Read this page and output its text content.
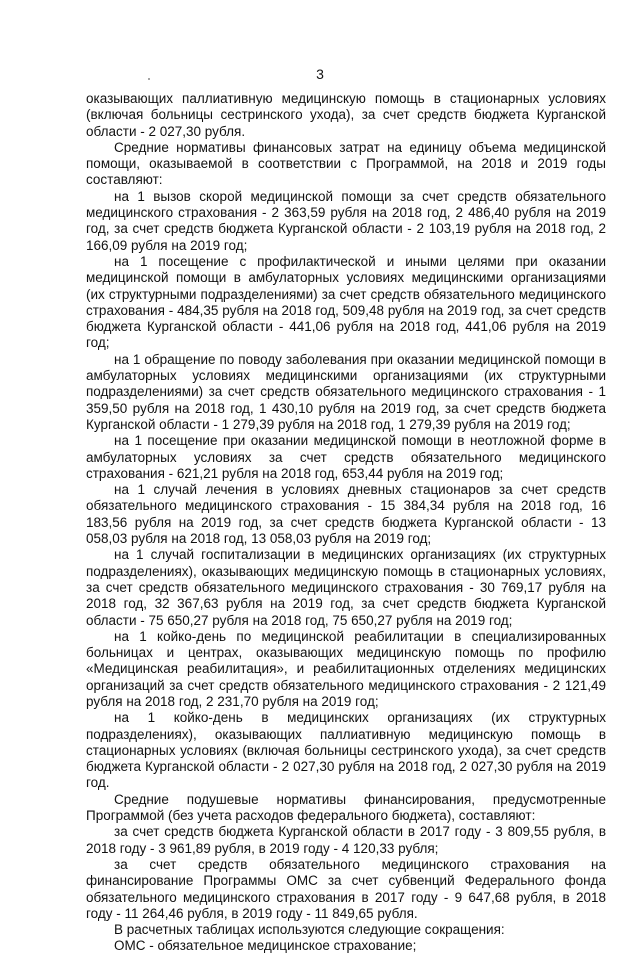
3

оказывающих паллиативную медицинскую помощь в стационарных условиях (включая больницы сестринского ухода), за счет средств бюджета Курганской области - 2 027,30 рубля.

Средние нормативы финансовых затрат на единицу объема медицинской помощи, оказываемой в соответствии с Программой, на 2018 и 2019 годы составляют:

на 1 вызов скорой медицинской помощи за счет средств обязательного медицинского страхования - 2 363,59 рубля на 2018 год, 2 486,40 рубля на 2019 год, за счет средств бюджета Курганской области - 2 103,19 рубля на 2018 год, 2 166,09 рубля на 2019 год;

на 1 посещение с профилактической и иными целями при оказании медицинской помощи в амбулаторных условиях медицинскими организациями (их структурными подразделениями) за счет средств обязательного медицинского страхования - 484,35 рубля на 2018 год, 509,48 рубля на 2019 год, за счет средств бюджета Курганской области - 441,06 рубля на 2018 год, 441,06 рубля на 2019 год;

на 1 обращение по поводу заболевания при оказании медицинской помощи в амбулаторных условиях медицинскими организациями (их структурными подразделениями) за счет средств обязательного медицинского страхования - 1 359,50 рубля на 2018 год, 1 430,10 рубля на 2019 год, за счет средств бюджета Курганской области - 1 279,39 рубля на 2018 год, 1 279,39 рубля на 2019 год;

на 1 посещение при оказании медицинской помощи в неотложной форме в амбулаторных условиях за счет средств обязательного медицинского страхования - 621,21 рубля на 2018 год, 653,44 рубля на 2019 год;

на 1 случай лечения в условиях дневных стационаров за счет средств обязательного медицинского страхования - 15 384,34 рубля на 2018 год, 16 183,56 рубля на 2019 год, за счет средств бюджета Курганской области - 13 058,03 рубля на 2018 год, 13 058,03 рубля на 2019 год;

на 1 случай госпитализации в медицинских организациях (их структурных подразделениях), оказывающих медицинскую помощь в стационарных условиях, за счет средств обязательного медицинского страхования - 30 769,17 рубля на 2018 год, 32 367,63 рубля на 2019 год, за счет средств бюджета Курганской области - 75 650,27 рубля на 2018 год, 75 650,27 рубля на 2019 год;

на 1 койко-день по медицинской реабилитации в специализированных больницах и центрах, оказывающих медицинскую помощь по профилю «Медицинская реабилитация», и реабилитационных отделениях медицинских организаций за счет средств обязательного медицинского страхования - 2 121,49 рубля на 2018 год, 2 231,70 рубля на 2019 год;

на 1 койко-день в медицинских организациях (их структурных подразделениях), оказывающих паллиативную медицинскую помощь в стационарных условиях (включая больницы сестринского ухода), за счет средств бюджета Курганской области - 2 027,30 рубля на 2018 год, 2 027,30 рубля на 2019 год.

Средние подушевые нормативы финансирования, предусмотренные Программой (без учета расходов федерального бюджета), составляют:

за счет средств бюджета Курганской области в 2017 году - 3 809,55 рубля, в 2018 году - 3 961,89 рубля, в 2019 году - 4 120,33 рубля;

за счет средств обязательного медицинского страхования на финансирование Программы ОМС за счет субвенций Федерального фонда обязательного медицинского страхования в 2017 году - 9 647,68 рубля, в 2018 году - 11 264,46 рубля, в 2019 году - 11 849,65 рубля.

В расчетных таблицах используются следующие сокращения:

ОМС - обязательное медицинское страхование;
